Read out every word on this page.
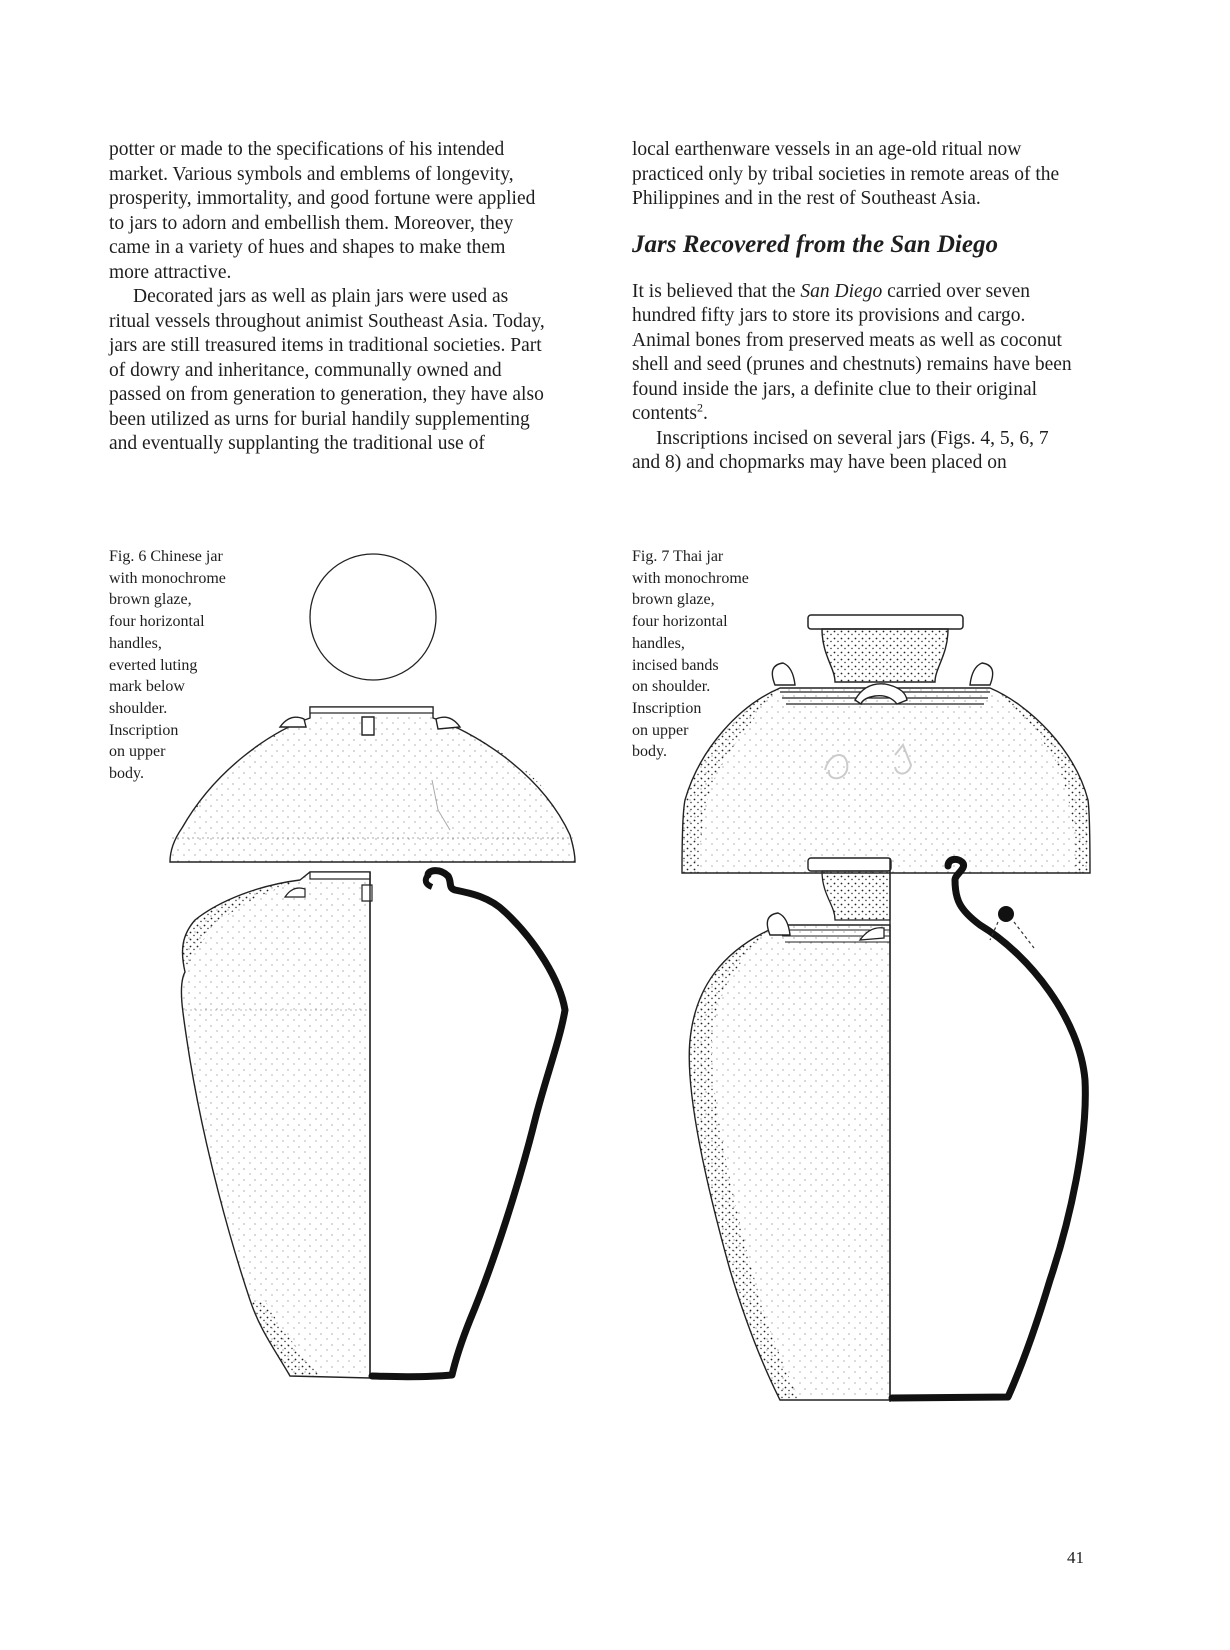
potter or made to the specifications of his intended market. Various symbols and emblems of longevity, prosperity, immortality, and good fortune were applied to jars to adorn and embellish them. Moreover, they came in a variety of hues and shapes to make them more attractive.

Decorated jars as well as plain jars were used as ritual vessels throughout animist Southeast Asia. Today, jars are still treasured items in traditional societies. Part of dowry and inheritance, communally owned and passed on from generation to generation, they have also been utilized as urns for burial handily supplementing and eventually supplanting the traditional use of

local earthenware vessels in an age-old ritual now practiced only by tribal societies in remote areas of the Philippines and in the rest of Southeast Asia.

Jars Recovered from the San Diego

It is believed that the San Diego carried over seven hundred fifty jars to store its provisions and cargo. Animal bones from preserved meats as well as coconut shell and seed (prunes and chestnuts) remains have been found inside the jars, a definite clue to their original contents$^2$.

Inscriptions incised on several jars (Figs. 4, 5, 6, 7 and 8) and chopmarks may have been placed on

Fig. 6 Chinese jar
with monochrome
brown glaze,
four horizontal
handles,
everted luting
mark below
shoulder.
Inscription
on upper
body.
Fig. 7 Thai jar
with monochrome
brown glaze,
four horizontal
handles,
incised bands
on shoulder.
Inscription
on upper
body.
41
